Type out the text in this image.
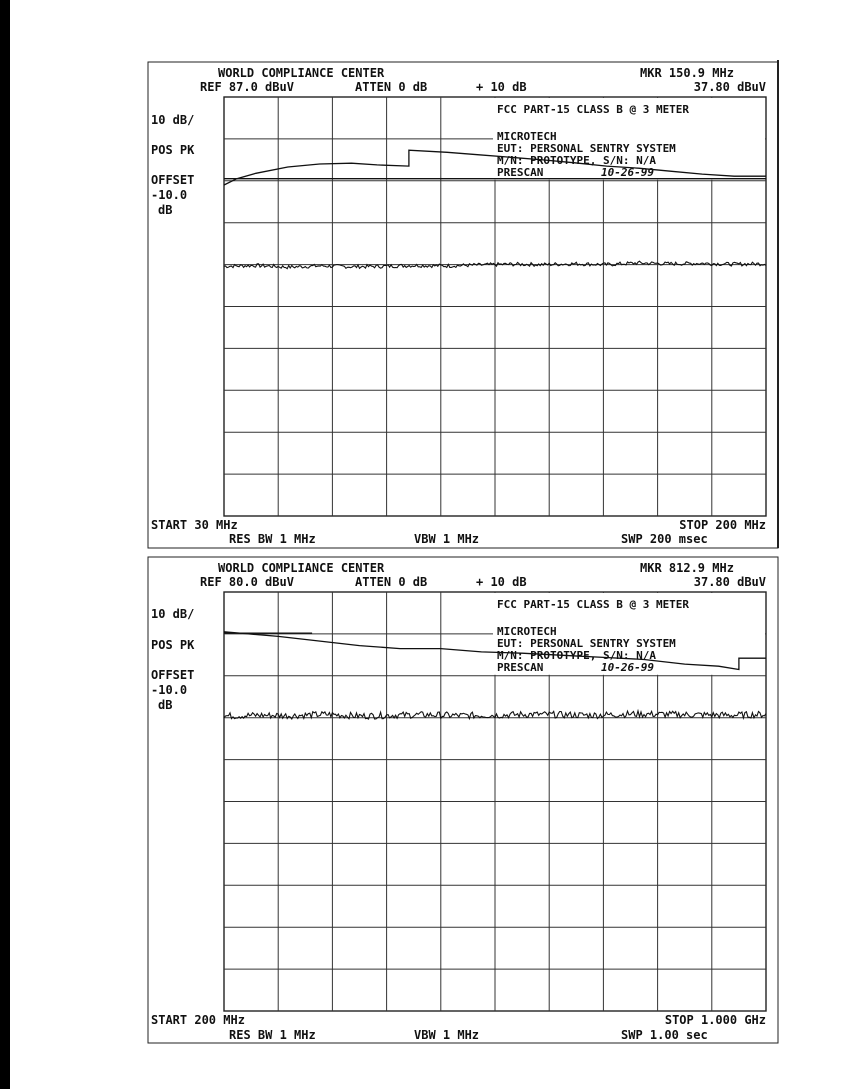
WORLD COMPLIANCE CENTER	MKR 150.9 MHz
REF 87.0 dBuV	ATTEN 0 dB	+ 10 dB	37.80 dBuV
10 dB/
POS PK
OFFSET
-10.0
dB
FCC PART-15 CLASS B @ 3 METER
MICROTECH
EUT: PERSONAL SENTRY SYSTEM
M/N: PROTOTYPE, S/N: N/A
PRESCAN	10-26-99
START 30 MHz	STOP 200 MHz
RES BW 1 MHz	VBW 1 MHz	SWP 200 msec
WORLD COMPLIANCE CENTER	MKR 812.9 MHz
REF 80.0 dBuV	ATTEN 0 dB	+ 10 dB	37.80 dBuV
10 dB/
POS PK
OFFSET
-10.0
dB
FCC PART-15 CLASS B @ 3 METER
MICROTECH
EUT: PERSONAL SENTRY SYSTEM
M/N: PROTOTYPE, S/N: N/A
PRESCAN	10-26-99
START 200 MHz	STOP 1.000 GHz
RES BW 1 MHz	VBW 1 MHz	SWP 1.00 sec
